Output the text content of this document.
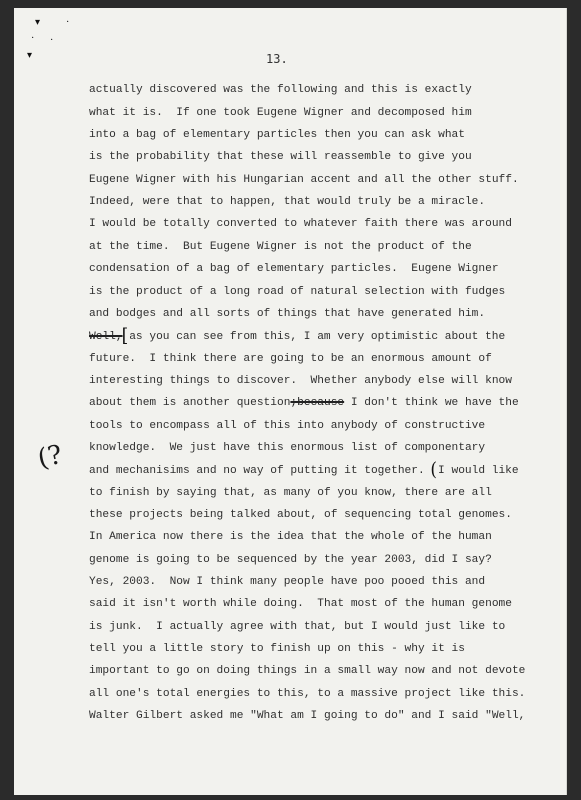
▾	·
· ·
▾	13.
(?
actually discovered was the following and this is exactly
what it is.  If one took Eugene Wigner and decomposed him
into a bag of elementary particles then you can ask what
is the probability that these will reassemble to give you
Eugene Wigner with his Hungarian accent and all the other stuff.
Indeed, were that to happen, that would truly be a miracle.
I would be totally converted to whatever faith there was around
at the time.  But Eugene Wigner is not the product of the
condensation of a bag of elementary particles.  Eugene Wigner
is the product of a long road of natural selection with fudges
and bodges and all sorts of things that have generated him.
Well,[as you can see from this, I am very optimistic about the
future.  I think there are going to be an enormous amount of
interesting things to discover.  Whether anybody else will know
about them is another question;because I don't think we have the
tools to encompass all of this into anybody of constructive
knowledge.  We just have this enormous list of componentary
and mechanisims and no way of putting it together. (I would like
to finish by saying that, as many of you know, there are all
these projects being talked about, of sequencing total genomes.
In America now there is the idea that the whole of the human
genome is going to be sequenced by the year 2003, did I say?
Yes, 2003.  Now I think many people have poo pooed this and
said it isn't worth while doing.  That most of the human genome
is junk.  I actually agree with that, but I would just like to
tell you a little story to finish up on this - why it is
important to go on doing things in a small way now and not devote
all one's total energies to this, to a massive project like this.
Walter Gilbert asked me "What am I going to do" and I said "Well,
